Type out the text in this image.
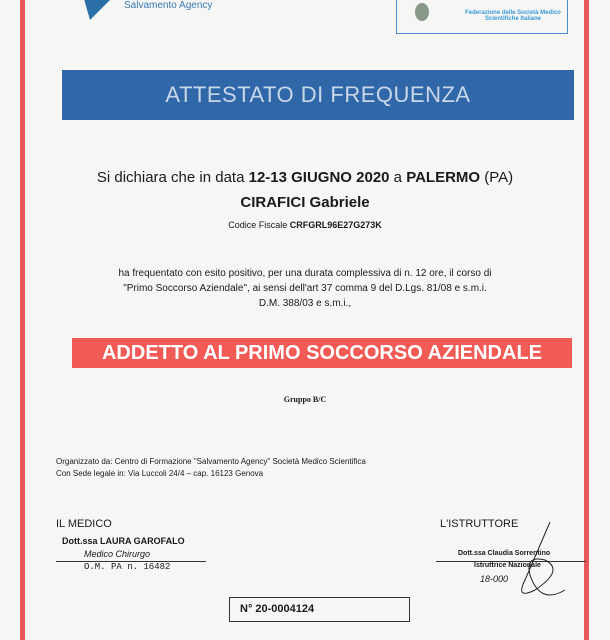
Salvamento Agency
Federazione delle Società Medico Scientifiche Italiane
ATTESTATO DI FREQUENZA
Si dichiara che in data 12-13 GIUGNO 2020 a PALERMO (PA)
CIRAFICI Gabriele
Codice Fiscale CRFGRL96E27G273K
ha frequentato con esito positivo, per una durata complessiva di n. 12 ore, il corso di
"Primo Soccorso Aziendale", ai sensi dell'art 37 comma 9 del D.Lgs. 81/08 e s.m.i.
D.M. 388/03 e s.m.i.,
ADDETTO AL PRIMO SOCCORSO AZIENDALE
Gruppo B/C
Organizzato da: Centro di Formazione "Salvamento Agency" Società Medico Scientifica
Con Sede legale in: Via Luccoli 24/4 – cap. 16123 Genova
IL MEDICO
Dott.ssa LAURA GAROFALO
Medico Chirurgo
O.M. PA n. 16482
L'ISTRUTTORE
Dott.ssa Claudia Sorrentino
Istruttrice Nazionale
18-000
N° 20-0004124
